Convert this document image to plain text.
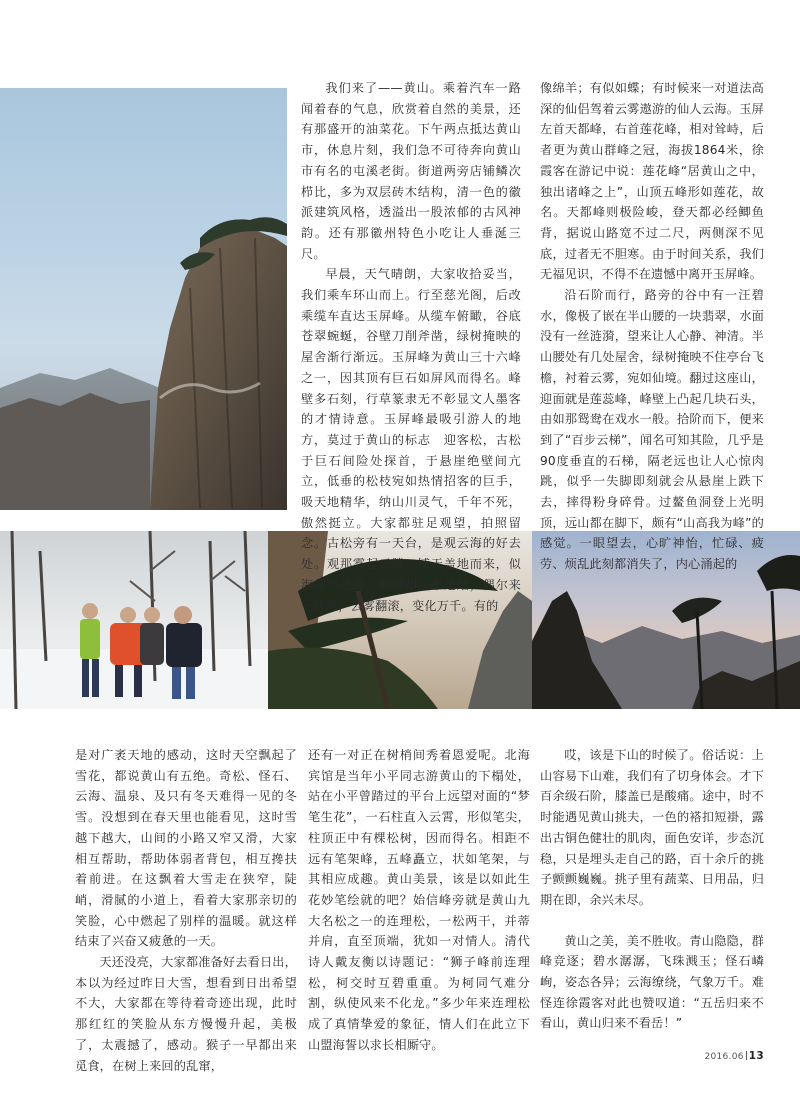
我们来了——黄山。乘着汽车一路闻着春的气息，欣赏着自然的美景，还有那盛开的油菜花。下午两点抵达黄山市，休息片刻，我们急不可待奔向黄山市有名的屯溪老街。街道两旁店铺鳞次栉比，多为双层砖木结构，清一色的徽派建筑风格，透溢出一股浓郁的古风神韵。还有那徽州特色小吃让人垂涎三尺。

早晨，天气晴朗，大家收拾妥当，我们乘车环山而上。行至慈光阁，后改乘缆车直达玉屏峰。从缆车俯瞰，谷底苍翠蜿蜒，谷壁刀削斧凿，绿树掩映的屋舍渐行渐远。玉屏峰为黄山三十六峰之一，因其顶有巨石如屏风而得名。峰壁多石刻，行草篆隶无不彰显文人墨客的才情诗意。玉屏峰最吸引游人的地方，莫过于黄山的标志　迎客松，古松于巨石间险处探首，于悬崖绝壁间亢立，低垂的松枝宛如热情招客的巨手，吸天地精华，纳山川灵气，千年不死，傲然挺立。大家都驻足观望，拍照留念。古松旁有一天台，是观云海的好去处。观那雾起云腾，铺天盖地而来，似海却不是海，如烟却又不是烟，偶尔来一阵风，云雾翻滚，变化万千。有的

像绵羊；有似如蝶；有时候来一对道法高深的仙侣驾着云雾遨游的仙人云海。玉屏左首天都峰，右首莲花峰，相对耸峙，后者更为黄山群峰之冠，海拔1864米，徐霞客在游记中说：莲花峰“居黄山之中，独出诸峰之上”，山顶五峰形如莲花，故名。天都峰则极险峻，登天都必经鲫鱼背，据说山路宽不过二尺，两侧深不见底，过者无不胆寒。由于时间关系，我们无福见识，不得不在遗憾中离开玉屏峰。

沿石阶而行，路旁的谷中有一汪碧水，像极了嵌在半山腰的一块翡翠，水面没有一丝涟漪，望来让人心静、神清。半山腰处有几处屋舍，绿树掩映不住亭台飞檐，衬着云雾，宛如仙境。翻过这座山，迎面就是莲蕊峰，峰壁上凸起几块石头，由如那鸳鸯在戏水一般。拾阶而下，便来到了“百步云梯”，闻名可知其险，几乎是90度垂直的石梯，隔老远也让人心惊肉跳，似乎一失脚即刻就会从悬崖上跌下去，摔得粉身碎骨。过鳌鱼洞登上光明顶，远山都在脚下，颇有“山高我为峰”的感觉。一眼望去，心旷神怡，忙碌、疲劳、烦乱此刻都消失了，内心涌起的

是对广袤天地的感动，这时天空飘起了雪花，都说黄山有五绝。奇松、怪石、云海、温泉、及只有冬天难得一见的冬雪。没想到在春天里也能看见，这时雪越下越大，山间的小路又窄又滑，大家相互帮助，帮助体弱者背包，相互搀扶着前进。在这飘着大雪走在狭窄，陡峭，滑腻的小道上，看着大家那亲切的笑脸，心中燃起了别样的温暖。就这样结束了兴奋又疲惫的一天。

天还没亮，大家都准备好去看日出，本以为经过昨日大雪，想看到日出希望不大，大家都在等待着奇迹出现，此时那红红的笑脸从东方慢慢升起，美极了，太震撼了，感动。猴子一早都出来觅食，在树上来回的乱窜，

还有一对正在树梢间秀着恩爱呢。北海宾馆是当年小平同志游黄山的下榻处，站在小平曾踏过的平台上远望对面的“梦笔生花”，一石柱直入云霄，形似笔尖，柱顶正中有棵松树，因而得名。相距不远有笔架峰，五峰矗立，状如笔架，与其相应成趣。黄山美景，该是以如此生花妙笔绘就的吧？始信峰旁就是黄山九大名松之一的连理松，一松两干，并蒂并肩，直至顶端，犹如一对情人。清代诗人戴友衡以诗题记：“狮子峰前连理松，柯交时互碧重重。为柯同气难分割，纵使风来不化龙。”多少年来连理松成了真情挚爱的象征，情人们在此立下山盟海誓以求长相厮守。

哎，该是下山的时候了。俗话说：上山容易下山难，我们有了切身体会。才下百余级石阶，膝盖已是酸痛。途中，时不时能遇见黄山挑夫，一色的褡扣短褂，露出古铜色健壮的肌肉，面色安详，步态沉稳，只是埋头走自己的路，百十余斤的挑子颤颤巍巍。挑子里有蔬菜、日用品，归期在即，余兴未尽。

黄山之美，美不胜收。青山隐隐，群峰竞逐；碧水潺潺，飞珠溅玉；怪石嶙峋，姿态各异；云海缭绕，气象万千。难怪连徐霞客对此也赞叹道：“五岳归来不看山，黄山归来不看岳！”

2016.06 13
